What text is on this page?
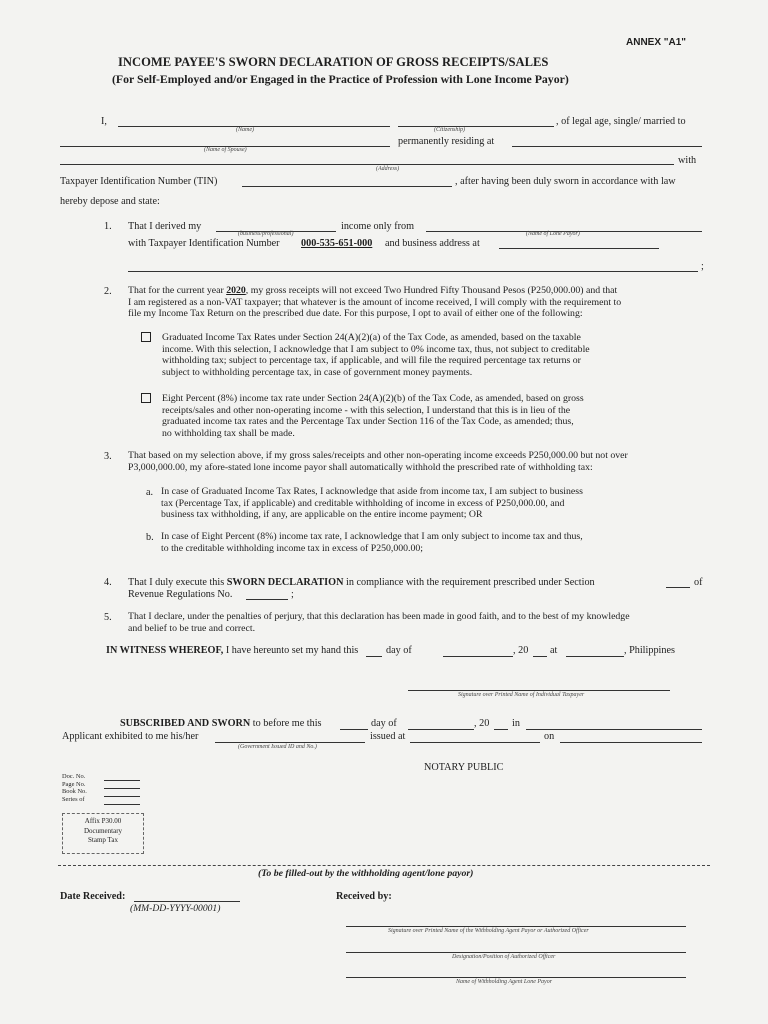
ANNEX "A1"
INCOME PAYEE'S SWORN DECLARATION OF GROSS RECEIPTS/SALES
(For Self-Employed and/or Engaged in the Practice of Profession with Lone Income Payor)
I,	, of legal age, single/ married to
(Name)	(Citizenship)
permanently residing at
(Name of Spouse)
with
(Address)
Taxpayer Identification Number (TIN)	, after having been duly sworn in accordance with law
hereby depose and state:
1. That I derived my	income only from
(business/professional)	(Name of Lone Payor)
with Taxpayer Identification Number 000-535-651-000 and business address at
;
2. That for the current year 2020, my gross receipts will not exceed Two Hundred Fifty Thousand Pesos (P250,000.00) and that
I am registered as a non-VAT taxpayer; that whatever is the amount of income received, I will comply with the requirement to
file my Income Tax Return on the prescribed due date. For this purpose, I opt to avail of either one of the following:
Graduated Income Tax Rates under Section 24(A)(2)(a) of the Tax Code, as amended, based on the taxable
income. With this selection, I acknowledge that I am subject to 0% income tax, thus, not subject to creditable
withholding tax; subject to percentage tax, if applicable, and will file the required percentage tax returns or
subject to withholding percentage tax, in case of government money payments.
Eight Percent (8%) income tax rate under Section 24(A)(2)(b) of the Tax Code, as amended, based on gross
receipts/sales and other non-operating income - with this selection, I understand that this is in lieu of the
graduated income tax rates and the Percentage Tax under Section 116 of the Tax Code, as amended; thus,
no withholding tax shall be made.
3. That based on my selection above, if my gross sales/receipts and other non-operating income exceeds P250,000.00 but not over
P3,000,000.00, my afore-stated lone income payor shall automatically withhold the prescribed rate of withholding tax:
a. In case of Graduated Income Tax Rates, I acknowledge that aside from income tax, I am subject to business
tax (Percentage Tax, if applicable) and creditable withholding of income in excess of P250,000.00, and
business tax withholding, if any, are applicable on the entire income payment; OR
b. In case of Eight Percent (8%) income tax rate, I acknowledge that I am only subject to income tax and thus,
to the creditable withholding income tax in excess of P250,000.00;
4. That I duly execute this SWORN DECLARATION in compliance with the requirement prescribed under Section	of
Revenue Regulations No.	;
5. That I declare, under the penalties of perjury, that this declaration has been made in good faith, and to the best of my knowledge
and belief to be true and correct.
IN WITNESS WHEREOF, I have hereunto set my hand this	day of	, 20 at	, Philippines
Signature over Printed Name of Individual Taxpayer
SUBSCRIBED AND SWORN to before me this	day of	, 20 in
Applicant exhibited to me his/her	issued at	on
(Government Issued ID and No.)
NOTARY PUBLIC
Doc. No.
Page No.
Book No.
Series of
Affix P30.00
Documentary
Stamp Tax
(To be filled-out by the withholding agent/lone payor)
Date Received:
(MM-DD-YYYY-00001)
Received by:
Signature over Printed Name of the Withholding Agent Payor or Authorized Officer
Designation/Position of Authorized Officer
Name of Withholding Agent Lone Payor
